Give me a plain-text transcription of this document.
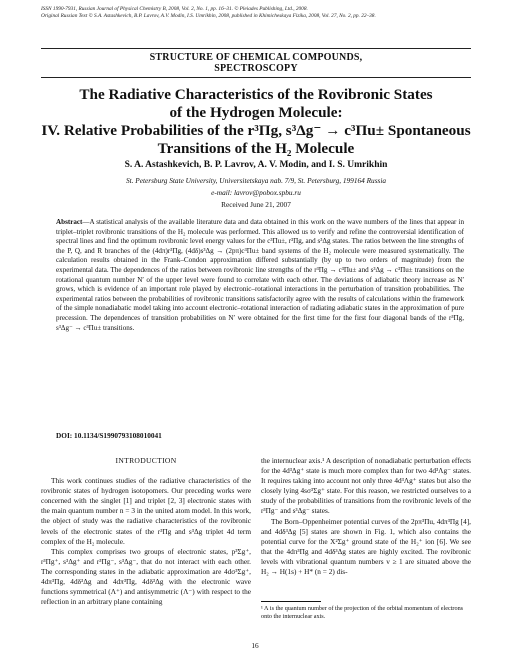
ISSN 1990-7931, Russian Journal of Physical Chemistry B, 2008, Vol. 2, No. 1, pp. 16–31. © Pleiades Publishing, Ltd., 2008.
Original Russian Text © S.A. Astashkevich, B.P. Lavrov, A.V. Modin, I.S. Umrikhin, 2008, published in Khimicheskaya Fizika, 2008, Vol. 27, No. 2, pp. 22–38.
STRUCTURE OF CHEMICAL COMPOUNDS,
SPECTROSCOPY
The Radiative Characteristics of the Rovibronic States
of the Hydrogen Molecule:
IV. Relative Probabilities of the r³Πg, s³Δg⁻ → c³Πu± Spontaneous Transitions of the H₂ Molecule
S. A. Astashkevich, B. P. Lavrov, A. V. Modin, and I. S. Umrikhin
St. Petersburg State University, Universitetskaya nab. 7/9, St. Petersburg, 199164 Russia
e-mail: lavrov@pobox.spbu.ru
Received June 21, 2007
Abstract—A statistical analysis of the available literature data and data obtained in this work on the wave numbers of the lines that appear in triplet–triplet rovibronic transitions of the H₂ molecule was performed. This allowed us to verify and refine the controversial identification of spectral lines and find the optimum rovibronic level energy values for the c³Πu±, r³Πg, and s³Δg states. The ratios between the line strengths of the P, Q, and R branches of the (4dπ)r³Πg, (4dδ)s³Δg → (2pπ)c³Πu± band systems of the H₂ molecule were measured systematically. The calculation results obtained in the Frank–Condon approximation differed substantially (by up to two orders of magnitude) from the experimental data. The dependences of the ratios between rovibronic line strengths of the r³Πg → c³Πu± and s³Δg → c³Πu± transitions on the rotational quantum number N′ of the upper level were found to correlate with each other. The deviations of adiabatic theory increase as N′ grows, which is evidence of an important role played by electronic–rotational interactions in the perturbation of transition probabilities. The experimental ratios between the probabilities of rovibronic transitions satisfactorily agree with the results of calculations within the framework of the simple nonadiabatic model taking into account electronic–rotational interaction of radiating adiabatic states in the approximation of pure precession. The dependences of transition probabilities on N′ were obtained for the first time for the first four diagonal bands of the r³Πg, s³Δg⁻ → c³Πu± transitions.
DOI: 10.1134/S1990793108010041
INTRODUCTION

This work continues studies of the radiative characteristics of the rovibronic states of hydrogen isotopomers. Our preceding works were concerned with the singlet [1] and triplet [2, 3] electronic states with the main quantum number n = 3 in the united atom model. In this work, the object of study was the radiative characteristics of the rovibronic levels of the electronic states of the r³Πg and s³Δg triplet 4d term complex of the H₂ molecule.

This complex comprises two groups of electronic states, p³Σg⁺, r³Πg⁺, s³Δg⁺ and r³Πg⁻, s³Δg⁻, that do not interact with each other. The corresponding states in the adiabatic approximation are 4dσ³Σg⁺, 4dπ³Πg, 4dδ³Δg and 4dπ³Πg, 4dδ³Δg with the electronic wave functions symmetrical (Λ⁺) and antisymmetric (Λ⁻) with respect to the reflection in an arbitrary plane containing

the internuclear axis.¹ A description of nonadiabatic perturbation effects for the 4d³Δg⁺ state is much more complex than for two 4d³Λg⁻ states. It requires taking into account not only three 4d³Λg⁺ states but also the closely lying 4sσ³Σg⁺ state. For this reason, we restricted ourselves to a study of the probabilities of transitions from the rovibronic levels of the r³Πg⁻ and s³Δg⁻ states.

The Born–Oppenheimer potential curves of the 2pπ³Πu, 4dπ³Πg [4], and 4dδ³Δg [5] states are shown in Fig. 1, which also contains the potential curve for the X²Σg⁺ ground state of the H₂⁺ ion [6]. We see that the 4dπ³Πg and 4dδ³Δg states are highly excited. The rovibronic levels with vibrational quantum numbers v ≥ 1 are situated above the H₂ → H(1s) + H* (n = 2) dis-

¹ Λ is the quantum number of the projection of the orbital momentum of electrons onto the internuclear axis.
16
